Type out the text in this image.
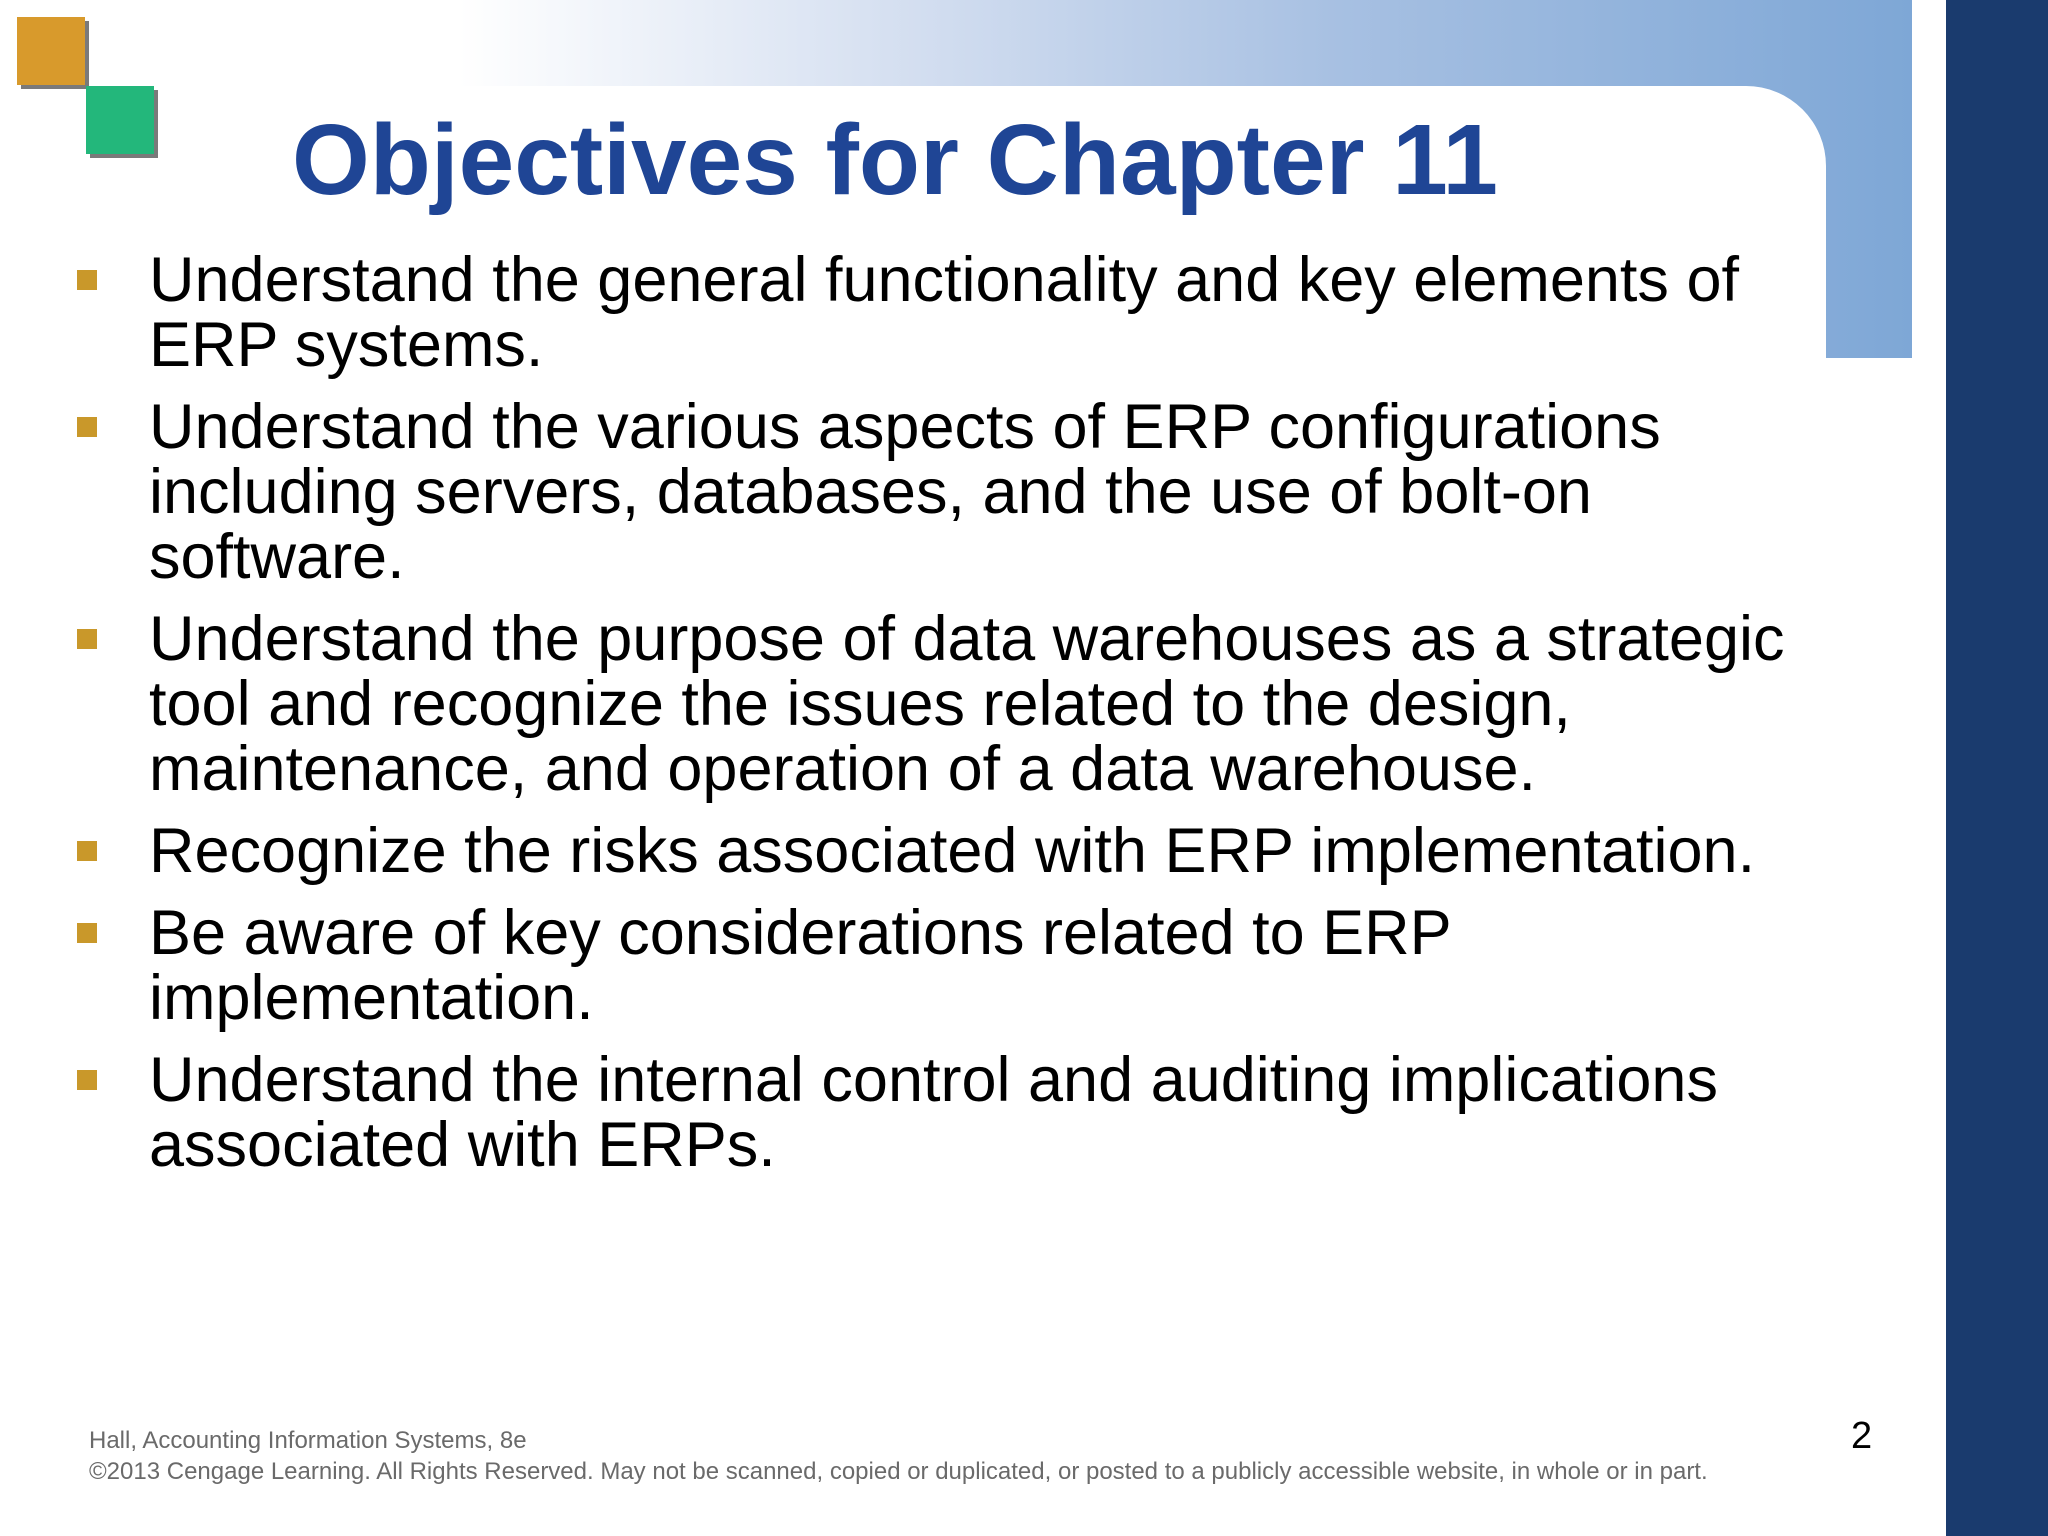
Objectives for Chapter 11
Understand the general functionality and key elements of ERP systems.
Understand the various aspects of ERP configurations including servers, databases, and the use of bolt-on software.
Understand the purpose of data warehouses as a strategic tool and recognize the issues related to the design, maintenance, and operation of a data warehouse.
Recognize the risks associated with ERP implementation.
Be aware of key considerations related to ERP implementation.
Understand the internal control and auditing implications associated with ERPs.
Hall, Accounting Information Systems, 8e
©2013 Cengage Learning. All Rights Reserved. May not be scanned, copied or duplicated, or posted to a publicly accessible website, in whole or in part.
2
